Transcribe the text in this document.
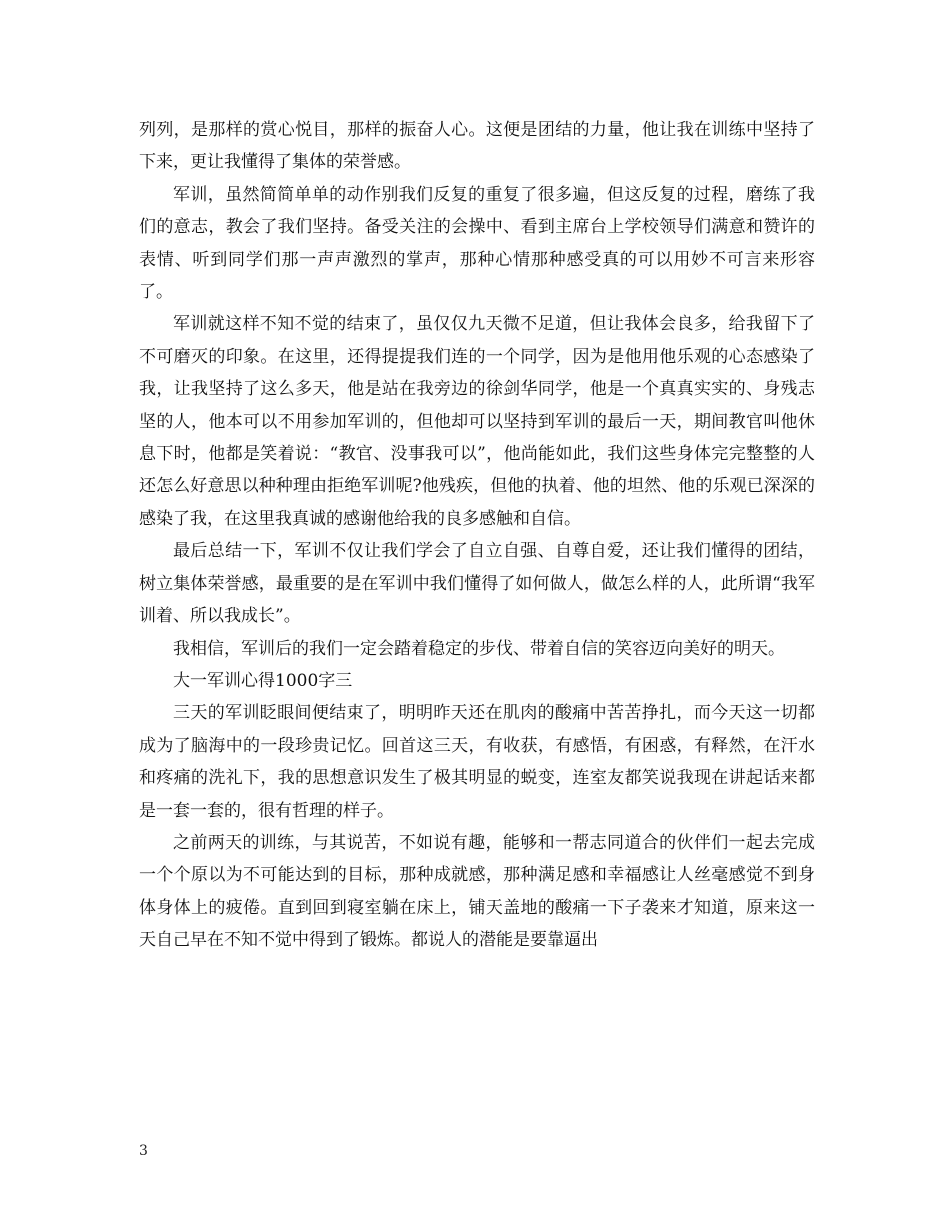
列列，是那样的赏心悦目，那样的振奋人心。这便是团结的力量，他让我在训练中坚持了下来，更让我懂得了集体的荣誉感。

军训，虽然简简单单的动作别我们反复的重复了很多遍，但这反复的过程，磨练了我们的意志，教会了我们坚持。备受关注的会操中、看到主席台上学校领导们满意和赞许的表情、听到同学们那一声声激烈的掌声，那种心情那种感受真的可以用妙不可言来形容了。

军训就这样不知不觉的结束了，虽仅仅九天微不足道，但让我体会良多，给我留下了不可磨灭的印象。在这里，还得提提我们连的一个同学，因为是他用他乐观的心态感染了我，让我坚持了这么多天，他是站在我旁边的徐剑华同学，他是一个真真实实的、身残志坚的人，他本可以不用参加军训的，但他却可以坚持到军训的最后一天，期间教官叫他休息下时，他都是笑着说：“教官、没事我可以”，他尚能如此，我们这些身体完完整整的人还怎么好意思以种种理由拒绝军训呢?他残疾，但他的执着、他的坦然、他的乐观已深深的感染了我，在这里我真诚的感谢他给我的良多感触和自信。

最后总结一下，军训不仅让我们学会了自立自强、自尊自爱，还让我们懂得的团结，树立集体荣誉感，最重要的是在军训中我们懂得了如何做人，做怎么样的人，此所谓“我军训着、所以我成长”。

我相信，军训后的我们一定会踏着稳定的步伐、带着自信的笑容迈向美好的明天。

大一军训心得1000字三

三天的军训眨眼间便结束了，明明昨天还在肌肉的酸痛中苦苦挣扎，而今天这一切都成为了脑海中的一段珍贵记忆。回首这三天，有收获，有感悟，有困惑，有释然，在汗水和疼痛的洗礼下，我的思想意识发生了极其明显的蜕变，连室友都笑说我现在讲起话来都是一套一套的，很有哲理的样子。

之前两天的训练，与其说苦，不如说有趣，能够和一帮志同道合的伙伴们一起去完成一个个原以为不可能达到的目标，那种成就感，那种满足感和幸福感让人丝毫感觉不到身体身体上的疲倦。直到回到寝室躺在床上，铺天盖地的酸痛一下子袭来才知道，原来这一天自己早在不知不觉中得到了锻炼。都说人的潜能是要靠逼出

3
